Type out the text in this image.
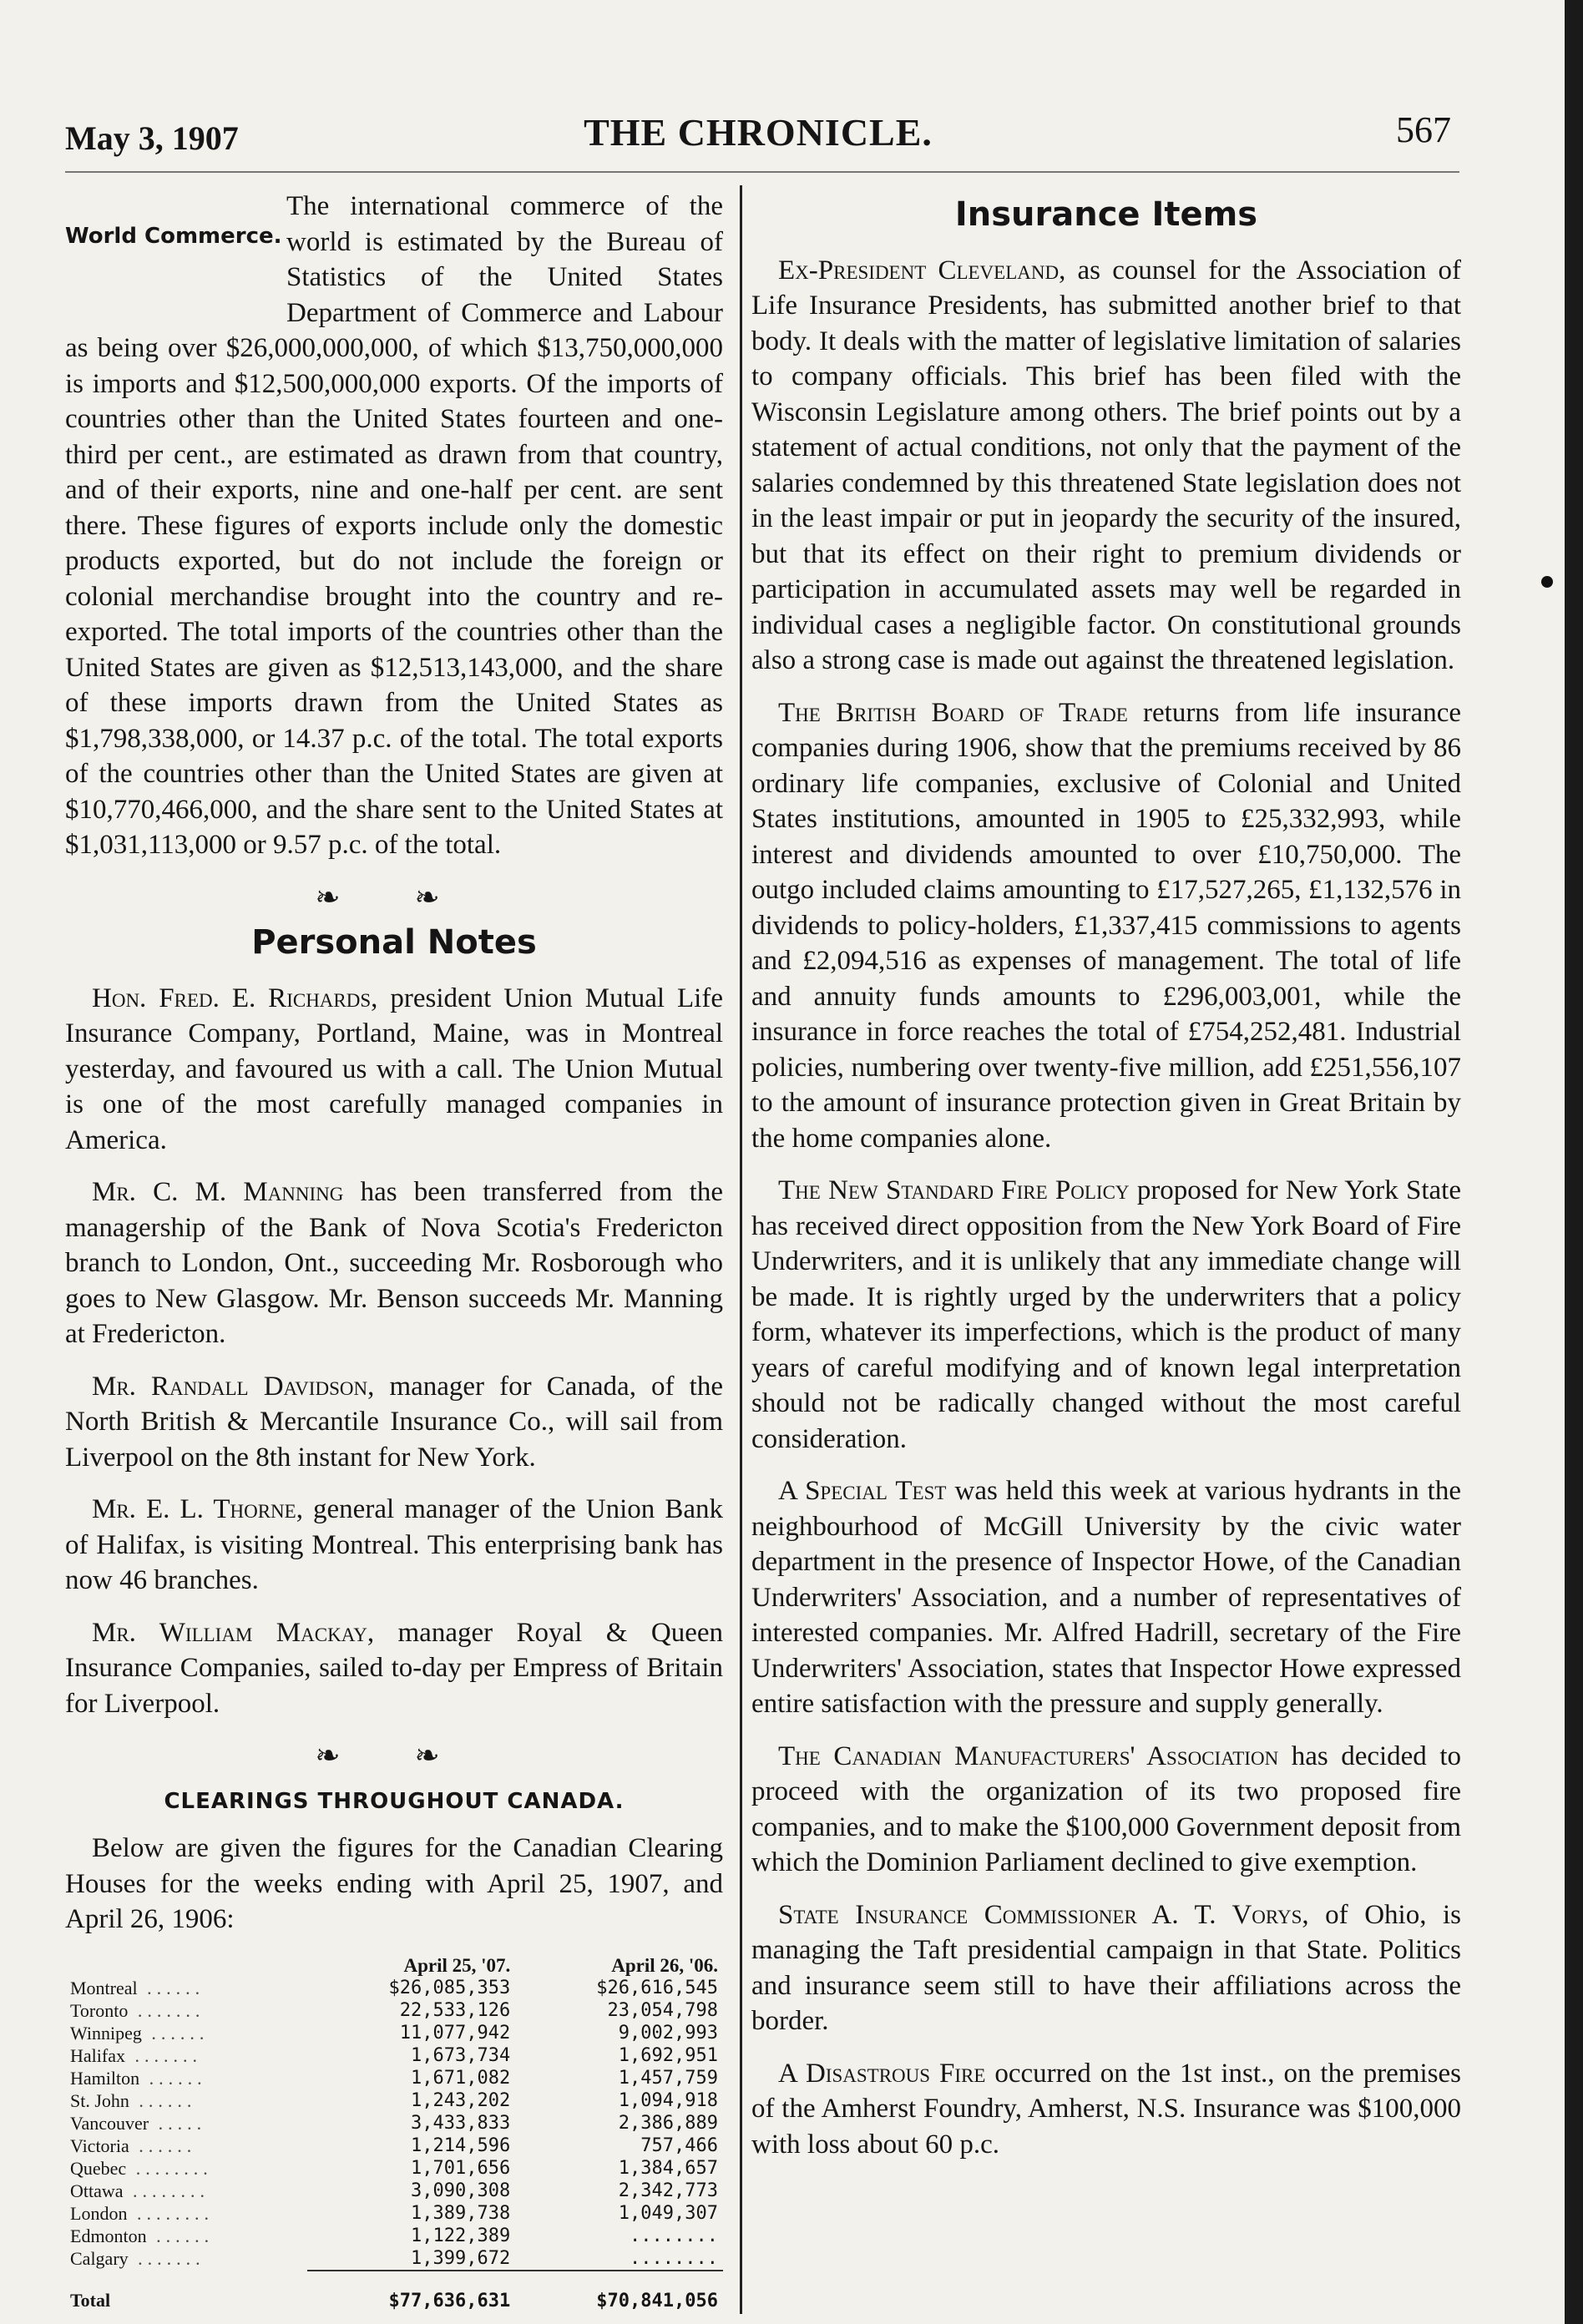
May 3, 1907	THE CHRONICLE.	567
World Commerce.

The international commerce of the world is estimated by the Bureau of Statistics of the United States Department of Commerce and Labour as being over $26,000,000,000, of which $13,750,000,000 is imports and $12,500,000,000 exports. Of the imports of countries other than the United States fourteen and one-third per cent., are estimated as drawn from that country, and of their exports, nine and one-half per cent. are sent there. These figures of exports include only the domestic products exported, but do not include the foreign or colonial merchandise brought into the country and re-exported. The total imports of the countries other than the United States are given as $12,513,143,000, and the share of these imports drawn from the United States as $1,798,338,000, or 14.37 p.c. of the total. The total exports of the countries other than the United States are given at $10,770,466,000, and the share sent to the United States at $1,031,113,000 or 9.57 p.c. of the total.

❧ ❧
Personal Notes

Hon. Fred. E. Richards, president Union Mutual Life Insurance Company, Portland, Maine, was in Montreal yesterday, and favoured us with a call. The Union Mutual is one of the most carefully managed companies in America.

Mr. C. M. Manning has been transferred from the managership of the Bank of Nova Scotia's Fredericton branch to London, Ont., succeeding Mr. Rosborough who goes to New Glasgow. Mr. Benson succeeds Mr. Manning at Fredericton.

Mr. Randall Davidson, manager for Canada, of the North British & Mercantile Insurance Co., will sail from Liverpool on the 8th instant for New York.

Mr. E. L. Thorne, general manager of the Union Bank of Halifax, is visiting Montreal. This enterprising bank has now 46 branches.

Mr. William Mackay, manager Royal & Queen Insurance Companies, sailed to-day per Empress of Britain for Liverpool.

❧ ❧
CLEARINGS THROUGHOUT CANADA.

Below are given the figures for the Canadian Clearing Houses for the weeks ending with April 25, 1907, and April 26, 1906:

	April 25, '07.	April 26, '06.
Montreal ......	$26,085,353	$26,616,545
Toronto .......	22,533,126	23,054,798
Winnipeg ......	11,077,942	9,002,993
Halifax .......	1,673,734	1,692,951
Hamilton ......	1,671,082	1,457,759
St. John ......	1,243,202	1,094,918
Vancouver .....	3,433,833	2,386,889
Victoria ......	1,214,596	757,466
Quebec ........	1,701,656	1,384,657
Ottawa ........	3,090,308	2,342,773
London ........	1,389,738	1,049,307
Edmonton ......	1,122,389	........
Calgary .......	1,399,672	........
Total	$77,636,631	$70,841,056
Insurance Items

Ex-President Cleveland, as counsel for the Association of Life Insurance Presidents, has submitted another brief to that body. It deals with the matter of legislative limitation of salaries to company officials. This brief has been filed with the Wisconsin Legislature among others. The brief points out by a statement of actual conditions, not only that the payment of the salaries condemned by this threatened State legislation does not in the least impair or put in jeopardy the security of the insured, but that its effect on their right to premium dividends or participation in accumulated assets may well be regarded in individual cases a negligible factor. On constitutional grounds also a strong case is made out against the threatened legislation.

The British Board of Trade returns from life insurance companies during 1906, show that the premiums received by 86 ordinary life companies, exclusive of Colonial and United States institutions, amounted in 1905 to £25,332,993, while interest and dividends amounted to over £10,750,000. The outgo included claims amounting to £17,527,265, £1,132,576 in dividends to policy-holders, £1,337,415 commissions to agents and £2,094,516 as expenses of management. The total of life and annuity funds amounts to £296,003,001, while the insurance in force reaches the total of £754,252,481. Industrial policies, numbering over twenty-five million, add £251,556,107 to the amount of insurance protection given in Great Britain by the home companies alone.

The New Standard Fire Policy proposed for New York State has received direct opposition from the New York Board of Fire Underwriters, and it is unlikely that any immediate change will be made. It is rightly urged by the underwriters that a policy form, whatever its imperfections, which is the product of many years of careful modifying and of known legal interpretation should not be radically changed without the most careful consideration.

A Special Test was held this week at various hydrants in the neighbourhood of McGill University by the civic water department in the presence of Inspector Howe, of the Canadian Underwriters' Association, and a number of representatives of interested companies. Mr. Alfred Hadrill, secretary of the Fire Underwriters' Association, states that Inspector Howe expressed entire satisfaction with the pressure and supply generally.

The Canadian Manufacturers' Association has decided to proceed with the organization of its two proposed fire companies, and to make the $100,000 Government deposit from which the Dominion Parliament declined to give exemption.

State Insurance Commissioner A. T. Vorys, of Ohio, is managing the Taft presidential campaign in that State. Politics and insurance seem still to have their affiliations across the border.

A Disastrous Fire occurred on the 1st inst., on the premises of the Amherst Foundry, Amherst, N.S. Insurance was $100,000 with loss about 60 p.c.
